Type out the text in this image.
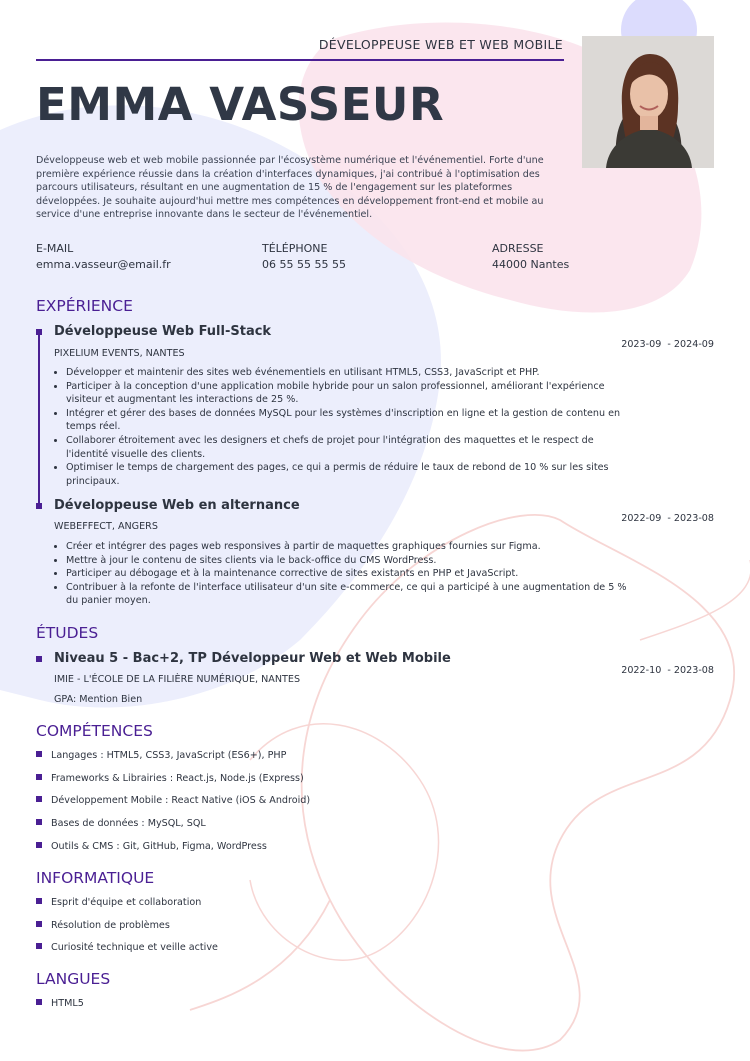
DÉVELOPPEUSE WEB ET WEB MOBILE
EMMA VASSEUR

Développeuse web et web mobile passionnée par l'écosystème numérique et l'événementiel. Forte d'une première expérience réussie dans la création d'interfaces dynamiques, j'ai contribué à l'optimisation des parcours utilisateurs, résultant en une augmentation de 15 % de l'engagement sur les plateformes développées. Je souhaite aujourd'hui mettre mes compétences en développement front-end et mobile au service d'une entreprise innovante dans le secteur de l'événementiel.

E-MAIL
emma.vasseur@email.fr
TÉLÉPHONE
06 55 55 55 55
ADRESSE
44000 Nantes
EXPÉRIENCE
Développeuse Web Full-Stack
PIXELIUM EVENTS, NANTES
2023-09  - 2024-09
• Développer et maintenir des sites web événementiels en utilisant HTML5, CSS3, JavaScript et PHP.
• Participer à la conception d'une application mobile hybride pour un salon professionnel, améliorant l'expérience visiteur et augmentant les interactions de 25 %.
• Intégrer et gérer des bases de données MySQL pour les systèmes d'inscription en ligne et la gestion de contenu en temps réel.
• Collaborer étroitement avec les designers et chefs de projet pour l'intégration des maquettes et le respect de l'identité visuelle des clients.
• Optimiser le temps de chargement des pages, ce qui a permis de réduire le taux de rebond de 10 % sur les sites principaux.
Développeuse Web en alternance
WEBEFFECT, ANGERS
2022-09  - 2023-08
• Créer et intégrer des pages web responsives à partir de maquettes graphiques fournies sur Figma.
• Mettre à jour le contenu de sites clients via le back-office du CMS WordPress.
• Participer au débogage et à la maintenance corrective de sites existants en PHP et JavaScript.
• Contribuer à la refonte de l'interface utilisateur d'un site e-commerce, ce qui a participé à une augmentation de 5 % du panier moyen.
ÉTUDES
Niveau 5 - Bac+2, TP Développeur Web et Web Mobile
IMIE - L'ÉCOLE DE LA FILIÈRE NUMÉRIQUE, NANTES
GPA: Mention Bien
2022-10  - 2023-08
COMPÉTENCES
Langages : HTML5, CSS3, JavaScript (ES6+), PHP
Frameworks & Librairies : React.js, Node.js (Express)
Développement Mobile : React Native (iOS & Android)
Bases de données : MySQL, SQL
Outils & CMS : Git, GitHub, Figma, WordPress
INFORMATIQUE
Esprit d'équipe et collaboration
Résolution de problèmes
Curiosité technique et veille active
LANGUES
HTML5
